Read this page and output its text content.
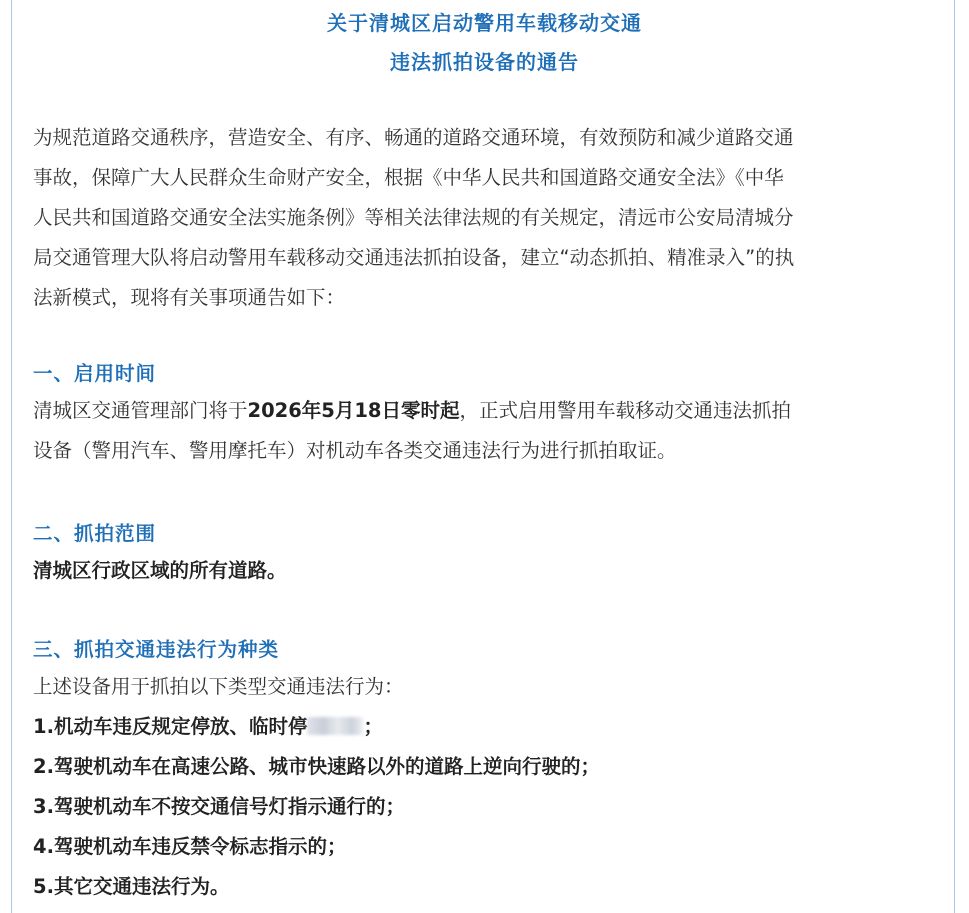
关于清城区启动警用车载移动交通
违法抓拍设备的通告
为规范道路交通秩序，营造安全、有序、畅通的道路交通环境，有效预防和减少道路交通
事故，保障广大人民群众生命财产安全，根据《中华人民共和国道路交通安全法》《中华
人民共和国道路交通安全法实施条例》等相关法律法规的有关规定，清远市公安局清城分
局交通管理大队将启动警用车载移动交通违法抓拍设备，建立“动态抓拍、精准录入”的执
法新模式，现将有关事项通告如下：
一、启用时间
清城区交通管理部门将于2026年5月18日零时起，正式启用警用车载移动交通违法抓拍
设备（警用汽车、警用摩托车）对机动车各类交通违法行为进行抓拍取证。
二、抓拍范围
清城区行政区域的所有道路。
三、抓拍交通违法行为种类
上述设备用于抓拍以下类型交通违法行为：
1.机动车违反规定停放、临时停	；
2.驾驶机动车在高速公路、城市快速路以外的道路上逆向行驶的；
3.驾驶机动车不按交通信号灯指示通行的；
4.驾驶机动车违反禁令标志指示的；
5.其它交通违法行为。
